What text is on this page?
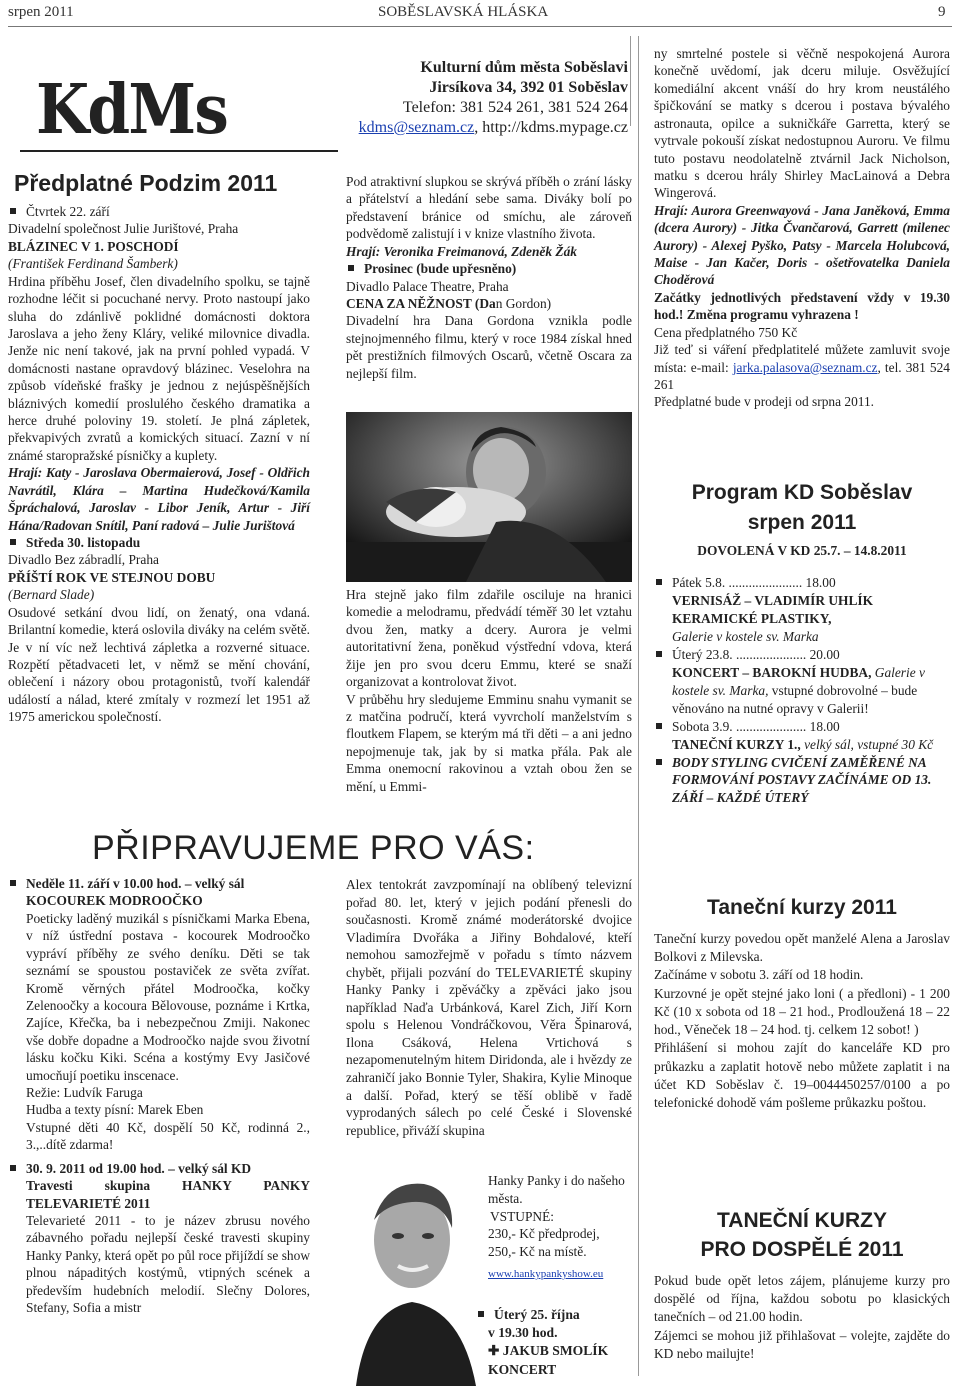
srpen 2011	SOBĚSLAVSKÁ HLÁSKA	9
KdMs
Kulturní dům města Soběslavi
Jirsíkova 34, 392 01 Soběslav
Telefon: 381 524 261, 381 524 264
kdms@seznam.cz, http://kdms.mypage.cz
Předplatné Podzim 2011

Čtvrtek 22. září

Divadelní společnost Julie Jurištové, Praha

BLÁZINEC V 1. POSCHODÍ

(František Ferdinand Šamberk)

Hrdina příběhu Josef, člen divadelního spolku, se tajně rozhodne léčit si pocuchané nervy. Proto nastoupí jako sluha do zdánlivě poklidné domácnosti doktora Jaroslava a jeho ženy Kláry, veliké milovnice divadla. Jenže nic není takové, jak na první pohled vypadá. V domácnosti nastane opravdový blázinec. Veselohra na způsob vídeňské frašky je jednou z nejúspěšnějších bláznivých komedií proslulého českého dramatika a herce druhé poloviny 19. století. Je plná zápletek, překvapivých zvratů a komických situací. Zazní v ní známé staropražské písničky a kuplety.

Hrají: Katy - Jaroslava Obermaierová, Josef - Oldřich Navrátil, Klára – Martina Hudečková/Kamila Špráchalová, Jaroslav - Libor Jeník, Artur - Jiří Hána/Radovan Snítil, Paní radová – Julie Jurištová

Středa 30. listopadu

Divadlo Bez zábradlí, Praha

PŘÍŠTÍ ROK VE STEJNOU DOBU

(Bernard Slade)

Osudové setkání dvou lidí, on ženatý, ona vdaná. Brilantní komedie, která oslovila diváky na celém světě. Je v ní víc než lechtivá zápletka a rozverné situace. Rozpětí pětadvaceti let, v němž se mění chování, oblečení i názory obou protagonistů, tvoří kalendář událostí a nálad, které zmítaly v rozmezí let 1951 až 1975 americkou společností.

Pod atraktivní slupkou se skrývá příběh o zrání lásky a přátelství a hledání sebe sama. Diváky bolí po představení bránice od smíchu, ale zároveň podvědomě zalistují i v knize vlastního života.

Hrají: Veronika Freimanová, Zdeněk Žák

Prosinec (bude upřesněno)

Divadlo Palace Theatre, Praha

CENA ZA NĚŽNOST (Dan Gordon)

Divadelní hra Dana Gordona vznikla podle stejnojmenného filmu, který v roce 1984 získal hned pět prestižních filmových Oscarů, včetně Oscara za nejlepší film.

Hra stejně jako film zdařile osciluje na hranici komedie a melodramu, předvádí téměř 30 let vztahu dvou žen, matky a dcery. Aurora je velmi autoritativní žena, poněkud výstřední vdova, která žije jen pro svou dceru Emmu, které se snaží organizovat a kontrolovat život.

V průběhu hry sledujeme Emminu snahu vymanit se z matčina područí, která vyvrcholí manželstvím s floutkem Flapem, se kterým má tři děti – a ani jedno nepojmenuje tak, jak by si matka přála. Pak ale Emma onemocní rakovinou a vztah obou žen se mění, u Emmi-

ny smrtelné postele si věčně nespokojená Aurora konečně uvědomí, jak dceru miluje. Osvěžující komediální akcent vnáší do hry krom neustálého špičkování se matky s dcerou i postava bývalého astronauta, opilce a sukničkáře Garretta, který se vytrvale pokouší získat nedostupnou Auroru. Ve filmu tuto postavu neodolatelně ztvárnil Jack Nicholson, matku s dcerou hrály Shirley MacLainová a Debra Wingerová.

Hrají: Aurora Greenwayová - Jana Janěková, Emma (dcera Aurory) - Jitka Čvančarová, Garrett (milenec Aurory) - Alexej Pyško, Patsy - Marcela Holubcová, Maise - Jan Kačer, Doris - ošetřovatelka Daniela Choděrová

Začátky jednotlivých představení vždy v 19.30 hod.! Změna programu vyhrazena !

Cena předplatného 750 Kč

Již teď si váření předplatitelé můžete zamluvit svoje místa: e-mail: jarka.palasova@seznam.cz, tel. 381 524 261

Předplatné bude v prodeji od srpna 2011.

Program KD Soběslav
srpen 2011
DOVOLENÁ V KD 25.7. – 14.8.2011

Pátek 5.8. ...................... 18.00

VERNISÁŽ – VLADIMÍR UHLÍK KERAMICKÉ PLASTIKY,

Galerie v kostele sv. Marka

Úterý 23.8. ..................... 20.00

KONCERT – BAROKNÍ HUDBA, Galerie v kostele sv. Marka, vstupné dobrovolné – bude věnováno na nutné opravy v Galerii!

Sobota 3.9. ..................... 18.00

TANEČNÍ KURZY 1., velký sál, vstupné 30 Kč

BODY STYLING CVIČENÍ ZAMĚŘENÉ NA FORMOVÁNÍ POSTAVY ZAČÍNÁME OD 13. ZÁŘÍ – KAŽDÉ ÚTERÝ

PŘIPRAVUJEME PRO VÁS:

Neděle 11. září v 10.00 hod. – velký sál

KOCOUREK MODROOČKO

Poeticky laděný muzikál s písničkami Marka Ebena, v níž ústřední postava - kocourek Modroočko vypráví příběhy ze svého deníku. Děti se tak seznámí se spoustou postaviček ze světa zvířat. Kromě věrných přátel Modroočka, kočky Zelenoočky a kocoura Bělovouse, poznáme i Krtka, Zajíce, Křečka, ba i nebezpečnou Zmiji. Nakonec vše dobře dopadne a Modroočko najde svou životní lásku kočku Kiki. Scéna a kostýmy Evy Jasičové umocňují poetiku inscenace.

Režie: Ludvík Faruga

Hudba a texty písní: Marek Eben

Vstupné děti 40 Kč, dospělí 50 Kč, rodinná 2., 3.,..dítě zdarma!

30. 9. 2011 od 19.00 hod. – velký sál KD

Travesti skupina HANKY PANKY TELEVARIETÉ 2011

Televarieté 2011 - to je název zbrusu nového zábavného pořadu nejlepší české travesti skupiny Hanky Panky, která opět po půl roce přijíždí se show plnou nápaditých kostýmů, vtipných scének a především hudebních melodií. Slečny Dolores, Stefany, Sofia a mistr

Alex tentokrát zavzpomínají na oblíbený televizní pořad 80. let, který v jejich podání přenesli do současnosti. Kromě známé moderátorské dvojice Vladimíra Dvořáka a Jiřiny Bohdalové, kteří nemohou samozřejmě v pořadu s tímto názvem chybět, přijali pozvání do TELEVARIETÉ skupiny Hanky Panky i zpěváčky a zpěváci jako jsou například Naďa Urbánková, Karel Zich, Jiří Korn spolu s Helenou Vondráčkovou, Věra Špinarová, Ilona Csáková, Helena Vrtichová s nezapomenutelným hitem Diridonda, ale i hvězdy ze zahraničí jako Bonnie Tyler, Shakira, Kylie Minoque a další. Pořad, který se těší oblibě v řadě vyprodaných sálech po celé České i Slovenské republice, přiváží skupina

Hanky Panky i do našeho města.

VSTUPNÉ:

230,- Kč předprodej,

250,- Kč na místě.

www.hankypankyshow.eu

Úterý 25. října

v 19.30 hod.

✚ JAKUB SMOLÍK KONCERT

Taneční kurzy 2011

Taneční kurzy povedou opět manželé Alena a Jaroslav Bolkovi z Milevska.

Začínáme v sobotu 3. září od 18 hodin.

Kurzovné je opět stejné jako loni ( a předloni) - 1 200 Kč (10 x sobota od 18 – 21 hod., Prodloužená 18 – 22 hod., Věneček 18 – 24 hod. tj. celkem 12 sobot! )

Přihlášení si mohou zajít do kanceláře KD pro průkazku a zaplatit hotově nebo můžete zaplatit i na účet KD Soběslav č. 19–0044450257/0100 a po telefonické dohodě vám pošleme průkazku poštou.

TANEČNÍ KURZY
PRO DOSPĚLÉ 2011

Pokud bude opět letos zájem, plánujeme kurzy pro dospělé od října, každou sobotu po klasických tanečních – od 21.00 hodin.

Zájemci se mohou již přihlašovat – volejte, zajděte do KD nebo mailujte!
